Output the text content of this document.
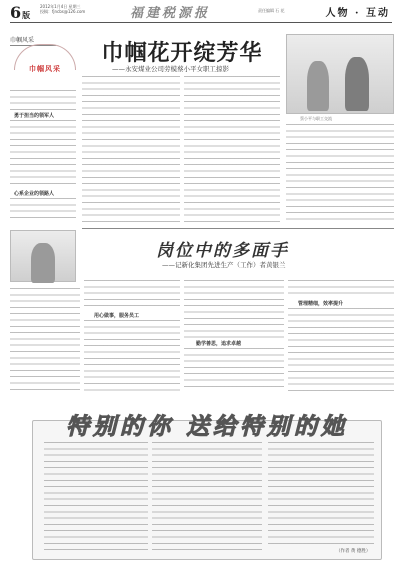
6版
2012年1月4日 星期三
投稿：fjncbs@126.com	福建税源报	责任编辑 石 花	人物 · 互动
巾帼风采
巾帼风采
勇于担当的领军人
心系企业的领路人
巾帼花开绽芳华
——永安煤业公司劳模蔡小平女职工掠影
蔡小平与职工交流
岗位中的多面手
——记新化集团先进生产（工作）者黄银兰
用心做事，服务员工
勤学善思，追求卓越
管理精细，效率提升
特别的你 送给特别的她
（作者 黄 德胜）
